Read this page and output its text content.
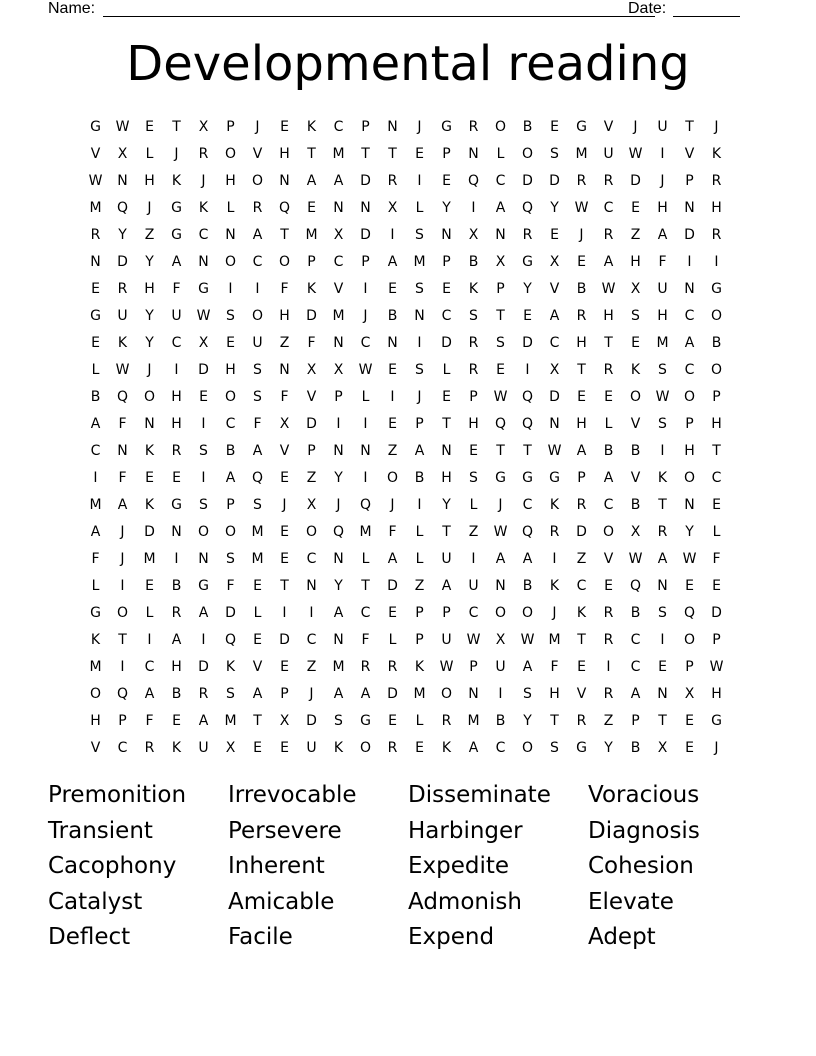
Name:	Date:
Developmental reading
G	W	E	T	X	P	J	E	K	C	P	N	J	G	R	O	B	E	G	V	J	U	T	J
V	X	L	J	R	O	V	H	T	M	T	T	E	P	N	L	O	S	M	U	W	I	V	K
W	N	H	K	J	H	O	N	A	A	D	R	I	E	Q	C	D	D	R	R	D	J	P	R
M	Q	J	G	K	L	R	Q	E	N	N	X	L	Y	I	A	Q	Y	W	C	E	H	N	H
R	Y	Z	G	C	N	A	T	M	X	D	I	S	N	X	N	R	E	J	R	Z	A	D	R
N	D	Y	A	N	O	C	O	P	C	P	A	M	P	B	X	G	X	E	A	H	F	I	I
E	R	H	F	G	I	I	F	K	V	I	E	S	E	K	P	Y	V	B	W	X	U	N	G
G	U	Y	U	W	S	O	H	D	M	J	B	N	C	S	T	E	A	R	H	S	H	C	O
E	K	Y	C	X	E	U	Z	F	N	C	N	I	D	R	S	D	C	H	T	E	M	A	B
L	W	J	I	D	H	S	N	X	X	W	E	S	L	R	E	I	X	T	R	K	S	C	O
B	Q	O	H	E	O	S	F	V	P	L	I	J	E	P	W	Q	D	E	E	O	W	O	P
A	F	N	H	I	C	F	X	D	I	I	E	P	T	H	Q	Q	N	H	L	V	S	P	H
C	N	K	R	S	B	A	V	P	N	N	Z	A	N	E	T	T	W	A	B	B	I	H	T
I	F	E	E	I	A	Q	E	Z	Y	I	O	B	H	S	G	G	G	P	A	V	K	O	C
M	A	K	G	S	P	S	J	X	J	Q	J	I	Y	L	J	C	K	R	C	B	T	N	E
A	J	D	N	O	O	M	E	O	Q	M	F	L	T	Z	W	Q	R	D	O	X	R	Y	L
F	J	M	I	N	S	M	E	C	N	L	A	L	U	I	A	A	I	Z	V	W	A	W	F
L	I	E	B	G	F	E	T	N	Y	T	D	Z	A	U	N	B	K	C	E	Q	N	E	E
G	O	L	R	A	D	L	I	I	A	C	E	P	P	C	O	O	J	K	R	B	S	Q	D
K	T	I	A	I	Q	E	D	C	N	F	L	P	U	W	X	W	M	T	R	C	I	O	P
M	I	C	H	D	K	V	E	Z	M	R	R	K	W	P	U	A	F	E	I	C	E	P	W
O	Q	A	B	R	S	A	P	J	A	A	D	M	O	N	I	S	H	V	R	A	N	X	H
H	P	F	E	A	M	T	X	D	S	G	E	L	R	M	B	Y	T	R	Z	P	T	E	G
V	C	R	K	U	X	E	E	U	K	O	R	E	K	A	C	O	S	G	Y	B	X	E	J
Premonition	Irrevocable	Disseminate	Voracious
Transient	Persevere	Harbinger	Diagnosis
Cacophony	Inherent	Expedite	Cohesion
Catalyst	Amicable	Admonish	Elevate
Deflect	Facile	Expend	Adept
